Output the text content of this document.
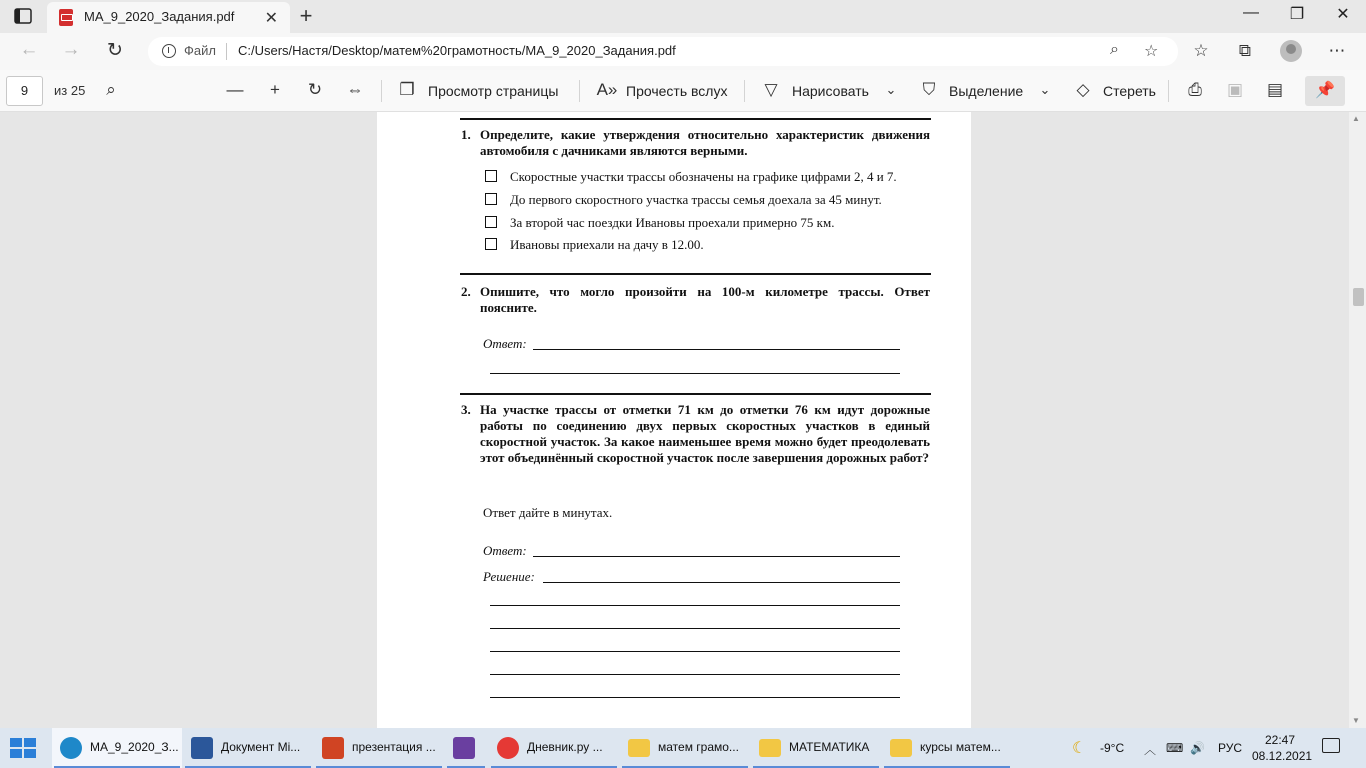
MA_9_2020_Задания.pdf ✕ +	—	❐	✕
← →	↻	Файл C:/Users/Настя/Desktop/матем%20грамотность/MA_9_2020_Задания.pdf	⌕ ☆	☆	⧉	⋯
9	из 25	⌕	—	+	↻	⇔	❐ Просмотр страницы A» Прочесть вслух	▽	Нарисовать	⌄	⛉ Выделение	⌄	◇ Стереть	⎙	▣ ▤	📌
1. Определите, какие утверждения относительно характеристик движения автомобиля с дачниками являются верными.
Скоростные участки трассы обозначены на графике цифрами 2, 4 и 7.
До первого скоростного участка трассы семья доехала за 45 минут.
За второй час поездки Ивановы проехали примерно 75 км.
Ивановы приехали на дачу в 12.00.
2. Опишите, что могло произойти на 100-м километре трассы. Ответ поясните.
Ответ:
3. На участке трассы от отметки 71 км до отметки 76 км идут дорожные работы по соединению двух первых скоростных участков в единый скоростной участок. За какое наименьшее время можно будет преодолевать этот объединённый скоростной участок после завершения дорожных работ?
Ответ дайте в минутах.
Ответ:
Решение:
▲
▼
MA_9_2020_З...	Документ Mi...	презентация ...	Дневник.ру ...	матем грамо...	МАТЕМАТИКА	курсы матем...	☾ -9°C ︿ ⌨ 🔊 РУС
22:47
08.12.2021
